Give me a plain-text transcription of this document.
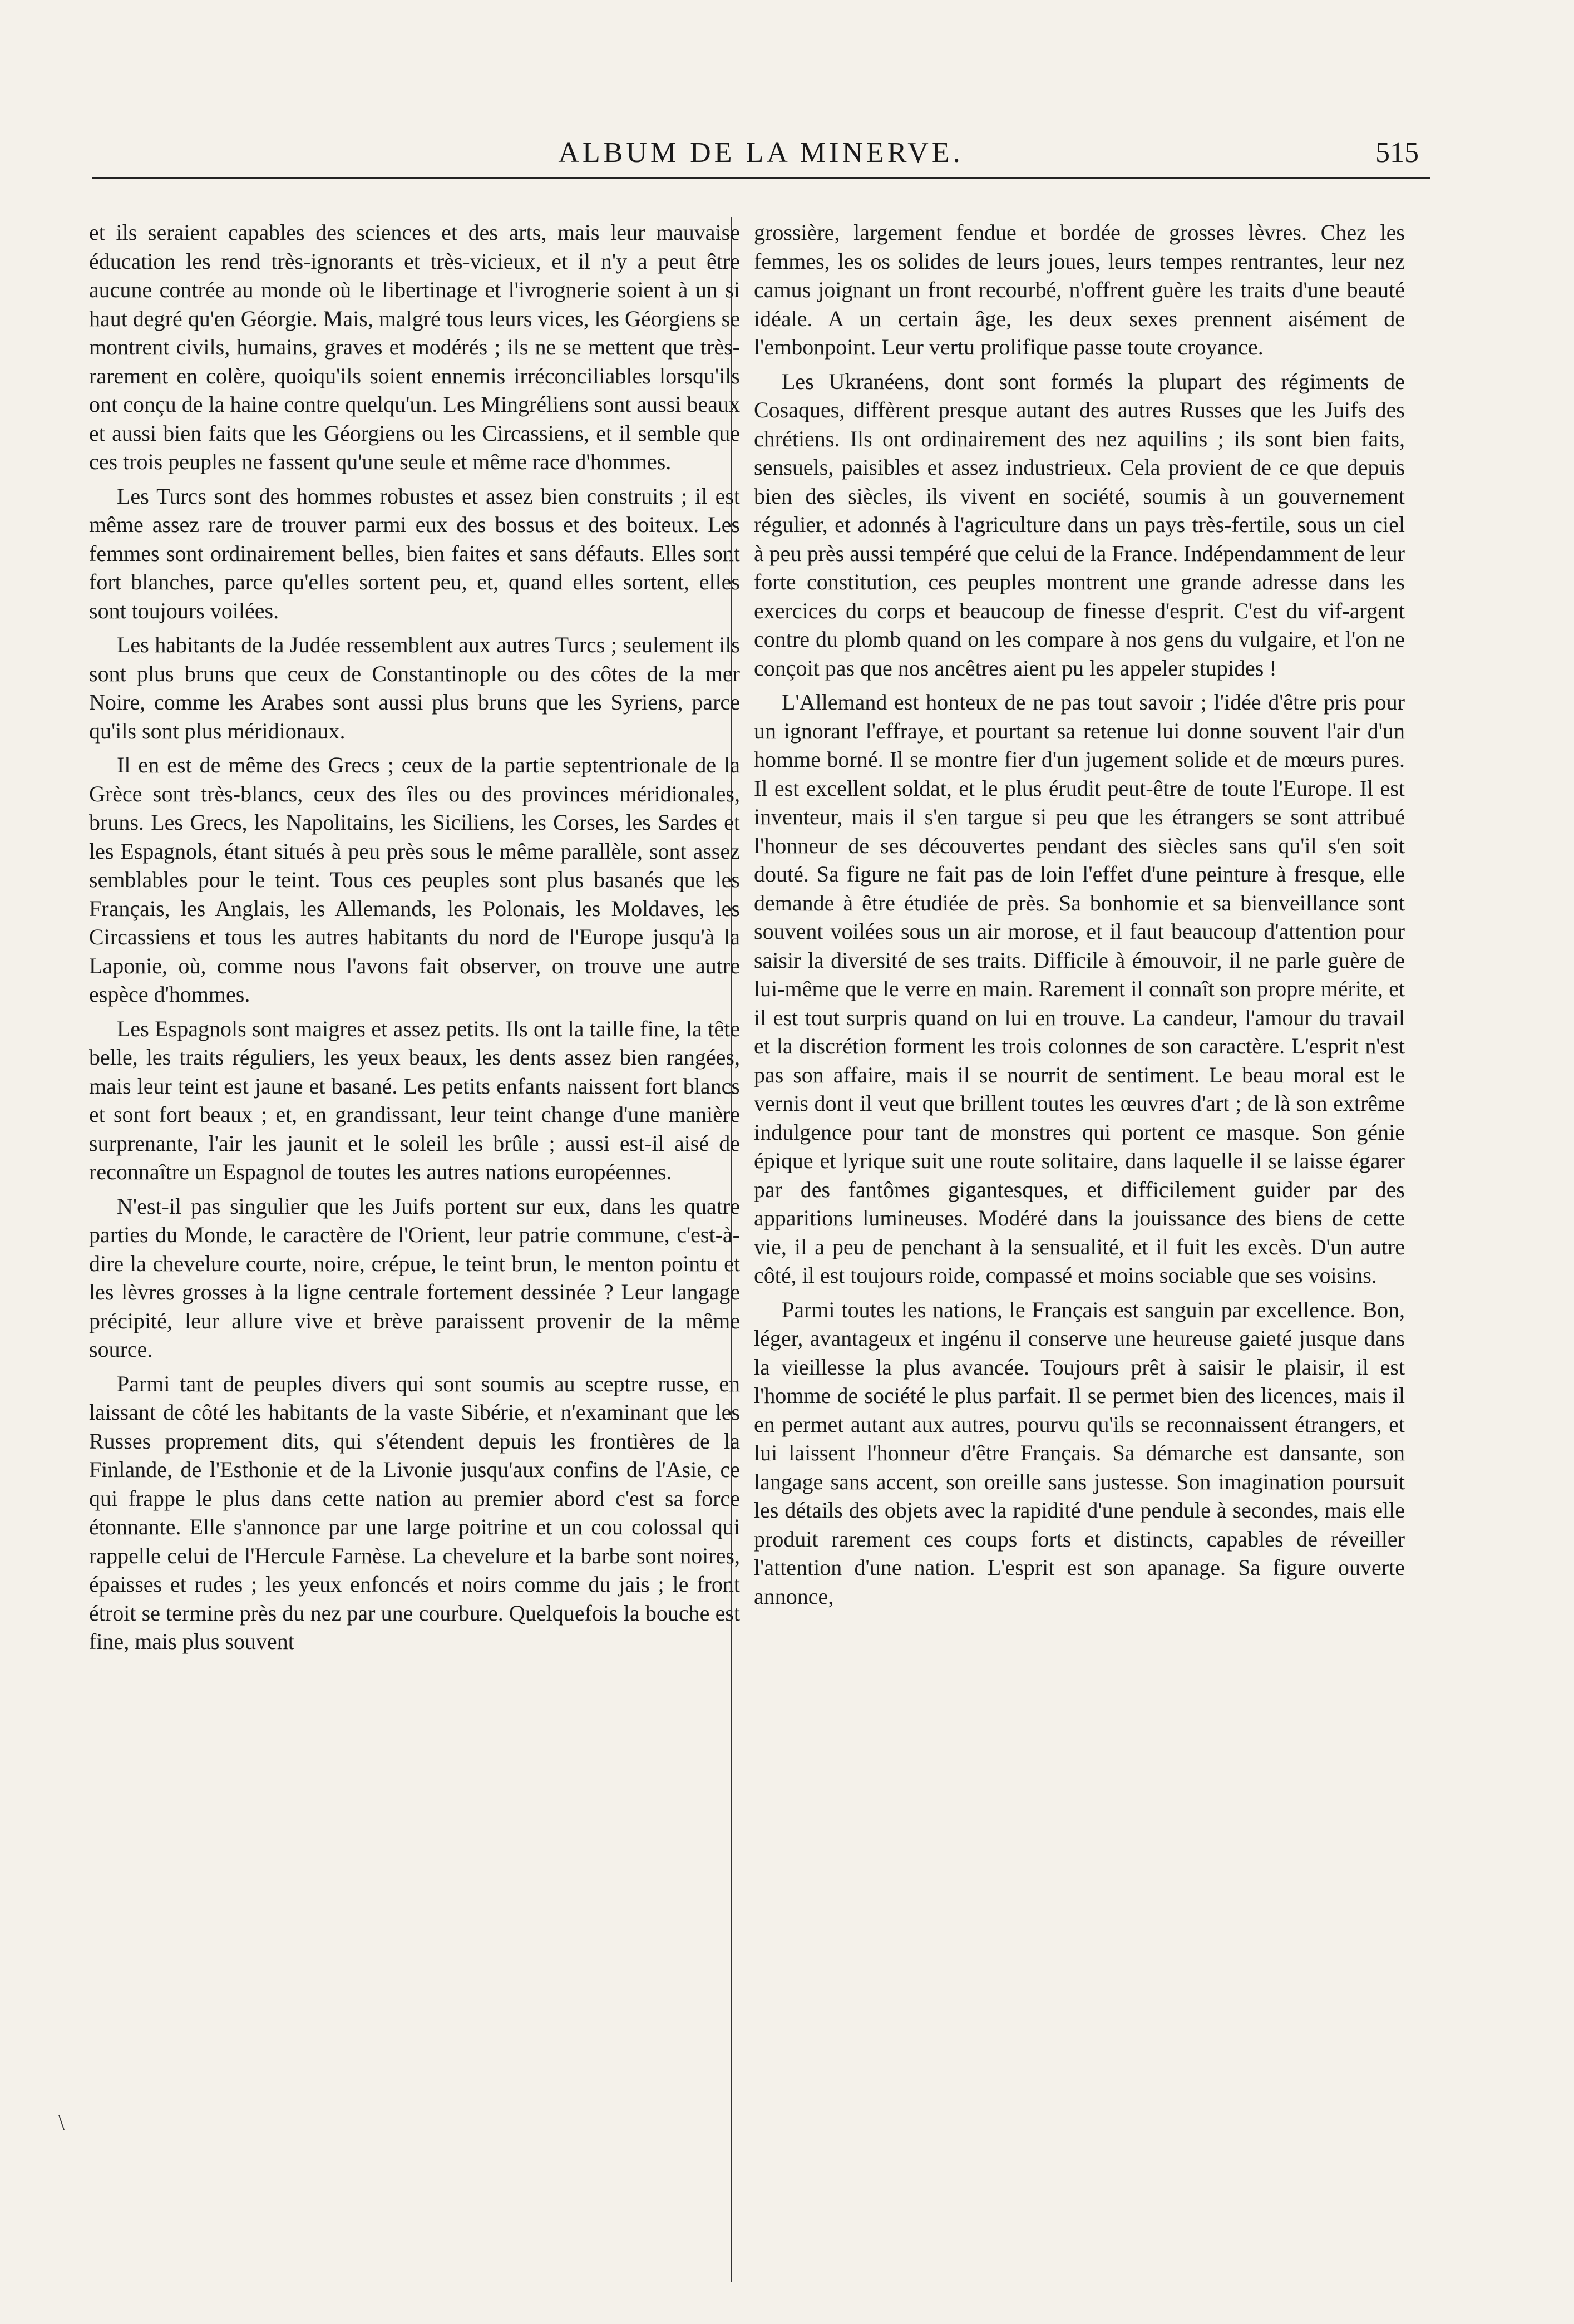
ALBUM DE LA MINERVE.	515

et ils seraient capables des sciences et des arts, mais leur mauvaise éducation les rend très-ignorants et très-vicieux, et il n'y a peut être aucune contrée au monde où le libertinage et l'ivrognerie soient à un si haut degré qu'en Géorgie. Mais, malgré tous leurs vices, les Géorgiens se montrent civils, humains, graves et modérés ; ils ne se mettent que très-rarement en colère, quoiqu'ils soient ennemis irréconciliables lorsqu'ils ont conçu de la haine contre quelqu'un. Les Mingréliens sont aussi beaux et aussi bien faits que les Géorgiens ou les Circassiens, et il semble que ces trois peuples ne fassent qu'une seule et même race d'hommes.

Les Turcs sont des hommes robustes et assez bien construits ; il est même assez rare de trouver parmi eux des bossus et des boiteux. Les femmes sont ordinairement belles, bien faites et sans défauts. Elles sont fort blanches, parce qu'elles sortent peu, et, quand elles sortent, elles sont toujours voilées.

Les habitants de la Judée ressemblent aux autres Turcs ; seulement ils sont plus bruns que ceux de Constantinople ou des côtes de la mer Noire, comme les Arabes sont aussi plus bruns que les Syriens, parce qu'ils sont plus méridionaux.

Il en est de même des Grecs ; ceux de la partie septentrionale de la Grèce sont très-blancs, ceux des îles ou des provinces méridionales, bruns. Les Grecs, les Napolitains, les Siciliens, les Corses, les Sardes et les Espagnols, étant situés à peu près sous le même parallèle, sont assez semblables pour le teint. Tous ces peuples sont plus basanés que les Français, les Anglais, les Allemands, les Polonais, les Moldaves, les Circassiens et tous les autres habitants du nord de l'Europe jusqu'à la Laponie, où, comme nous l'avons fait observer, on trouve une autre espèce d'hommes.

Les Espagnols sont maigres et assez petits. Ils ont la taille fine, la tête belle, les traits réguliers, les yeux beaux, les dents assez bien rangées, mais leur teint est jaune et basané. Les petits enfants naissent fort blancs et sont fort beaux ; et, en grandissant, leur teint change d'une manière surprenante, l'air les jaunit et le soleil les brûle ; aussi est-il aisé de reconnaître un Espagnol de toutes les autres nations européennes.

N'est-il pas singulier que les Juifs portent sur eux, dans les quatre parties du Monde, le caractère de l'Orient, leur patrie commune, c'est-à-dire la chevelure courte, noire, crépue, le teint brun, le menton pointu et les lèvres grosses à la ligne centrale fortement dessinée ? Leur langage précipité, leur allure vive et brève paraissent provenir de la même source.

Parmi tant de peuples divers qui sont soumis au sceptre russe, en laissant de côté les habitants de la vaste Sibérie, et n'examinant que les Russes proprement dits, qui s'étendent depuis les frontières de la Finlande, de l'Esthonie et de la Livonie jusqu'aux confins de l'Asie, ce qui frappe le plus dans cette nation au premier abord c'est sa force étonnante. Elle s'annonce par une large poitrine et un cou colossal qui rappelle celui de l'Hercule Farnèse. La chevelure et la barbe sont noires, épaisses et rudes ; les yeux enfoncés et noirs comme du jais ; le front étroit se termine près du nez par une courbure. Quelquefois la bouche est fine, mais plus souvent

grossière, largement fendue et bordée de grosses lèvres. Chez les femmes, les os solides de leurs joues, leurs tempes rentrantes, leur nez camus joignant un front recourbé, n'offrent guère les traits d'une beauté idéale. A un certain âge, les deux sexes prennent aisément de l'embonpoint. Leur vertu prolifique passe toute croyance.

Les Ukranéens, dont sont formés la plupart des régiments de Cosaques, diffèrent presque autant des autres Russes que les Juifs des chrétiens. Ils ont ordinairement des nez aquilins ; ils sont bien faits, sensuels, paisibles et assez industrieux. Cela provient de ce que depuis bien des siècles, ils vivent en société, soumis à un gouvernement régulier, et adonnés à l'agriculture dans un pays très-fertile, sous un ciel à peu près aussi tempéré que celui de la France. Indépendamment de leur forte constitution, ces peuples montrent une grande adresse dans les exercices du corps et beaucoup de finesse d'esprit. C'est du vif-argent contre du plomb quand on les compare à nos gens du vulgaire, et l'on ne conçoit pas que nos ancêtres aient pu les appeler stupides !

L'Allemand est honteux de ne pas tout savoir ; l'idée d'être pris pour un ignorant l'effraye, et pourtant sa retenue lui donne souvent l'air d'un homme borné. Il se montre fier d'un jugement solide et de mœurs pures. Il est excellent soldat, et le plus érudit peut-être de toute l'Europe. Il est inventeur, mais il s'en targue si peu que les étrangers se sont attribué l'honneur de ses découvertes pendant des siècles sans qu'il s'en soit douté. Sa figure ne fait pas de loin l'effet d'une peinture à fresque, elle demande à être étudiée de près. Sa bonhomie et sa bienveillance sont souvent voilées sous un air morose, et il faut beaucoup d'attention pour saisir la diversité de ses traits. Difficile à émouvoir, il ne parle guère de lui-même que le verre en main. Rarement il connaît son propre mérite, et il est tout surpris quand on lui en trouve. La candeur, l'amour du travail et la discrétion forment les trois colonnes de son caractère. L'esprit n'est pas son affaire, mais il se nourrit de sentiment. Le beau moral est le vernis dont il veut que brillent toutes les œuvres d'art ; de là son extrême indulgence pour tant de monstres qui portent ce masque. Son génie épique et lyrique suit une route solitaire, dans laquelle il se laisse égarer par des fantômes gigantesques, et difficilement guider par des apparitions lumineuses. Modéré dans la jouissance des biens de cette vie, il a peu de penchant à la sensualité, et il fuit les excès. D'un autre côté, il est toujours roide, compassé et moins sociable que ses voisins.

Parmi toutes les nations, le Français est sanguin par excellence. Bon, léger, avantageux et ingénu il conserve une heureuse gaieté jusque dans la vieillesse la plus avancée. Toujours prêt à saisir le plaisir, il est l'homme de société le plus parfait. Il se permet bien des licences, mais il en permet autant aux autres, pourvu qu'ils se reconnaissent étrangers, et lui laissent l'honneur d'être Français. Sa démarche est dansante, son langage sans accent, son oreille sans justesse. Son imagination poursuit les détails des objets avec la rapidité d'une pendule à secondes, mais elle produit rarement ces coups forts et distincts, capables de réveiller l'attention d'une nation. L'esprit est son apanage. Sa figure ouverte annonce,

\
